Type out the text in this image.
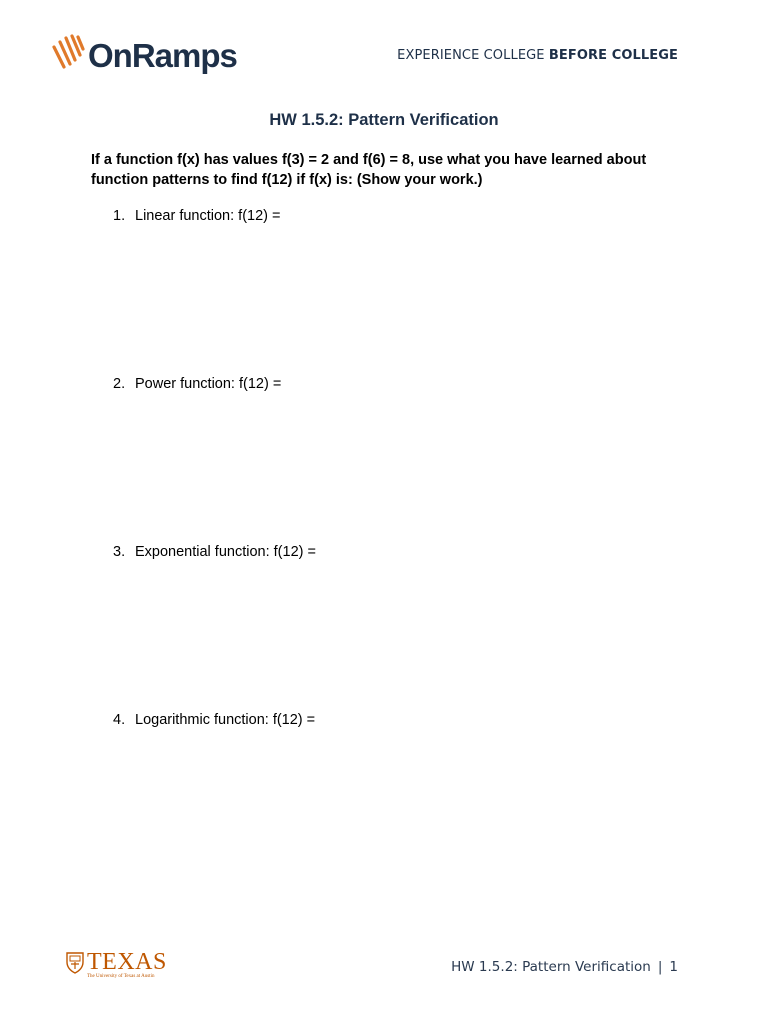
OnRamps	EXPERIENCE COLLEGE BEFORE COLLEGE
HW 1.5.2: Pattern Verification

If a function f(x) has values f(3) = 2 and f(6) = 8, use what you have learned about function patterns to find f(12) if f(x) is: (Show your work.)

1. Linear function: f(12) =
2. Power function: f(12) =
3. Exponential function: f(12) =
4. Logarithmic function: f(12) =
TEXAS
The University of Texas at Austin
HW 1.5.2: Pattern Verification | 1
